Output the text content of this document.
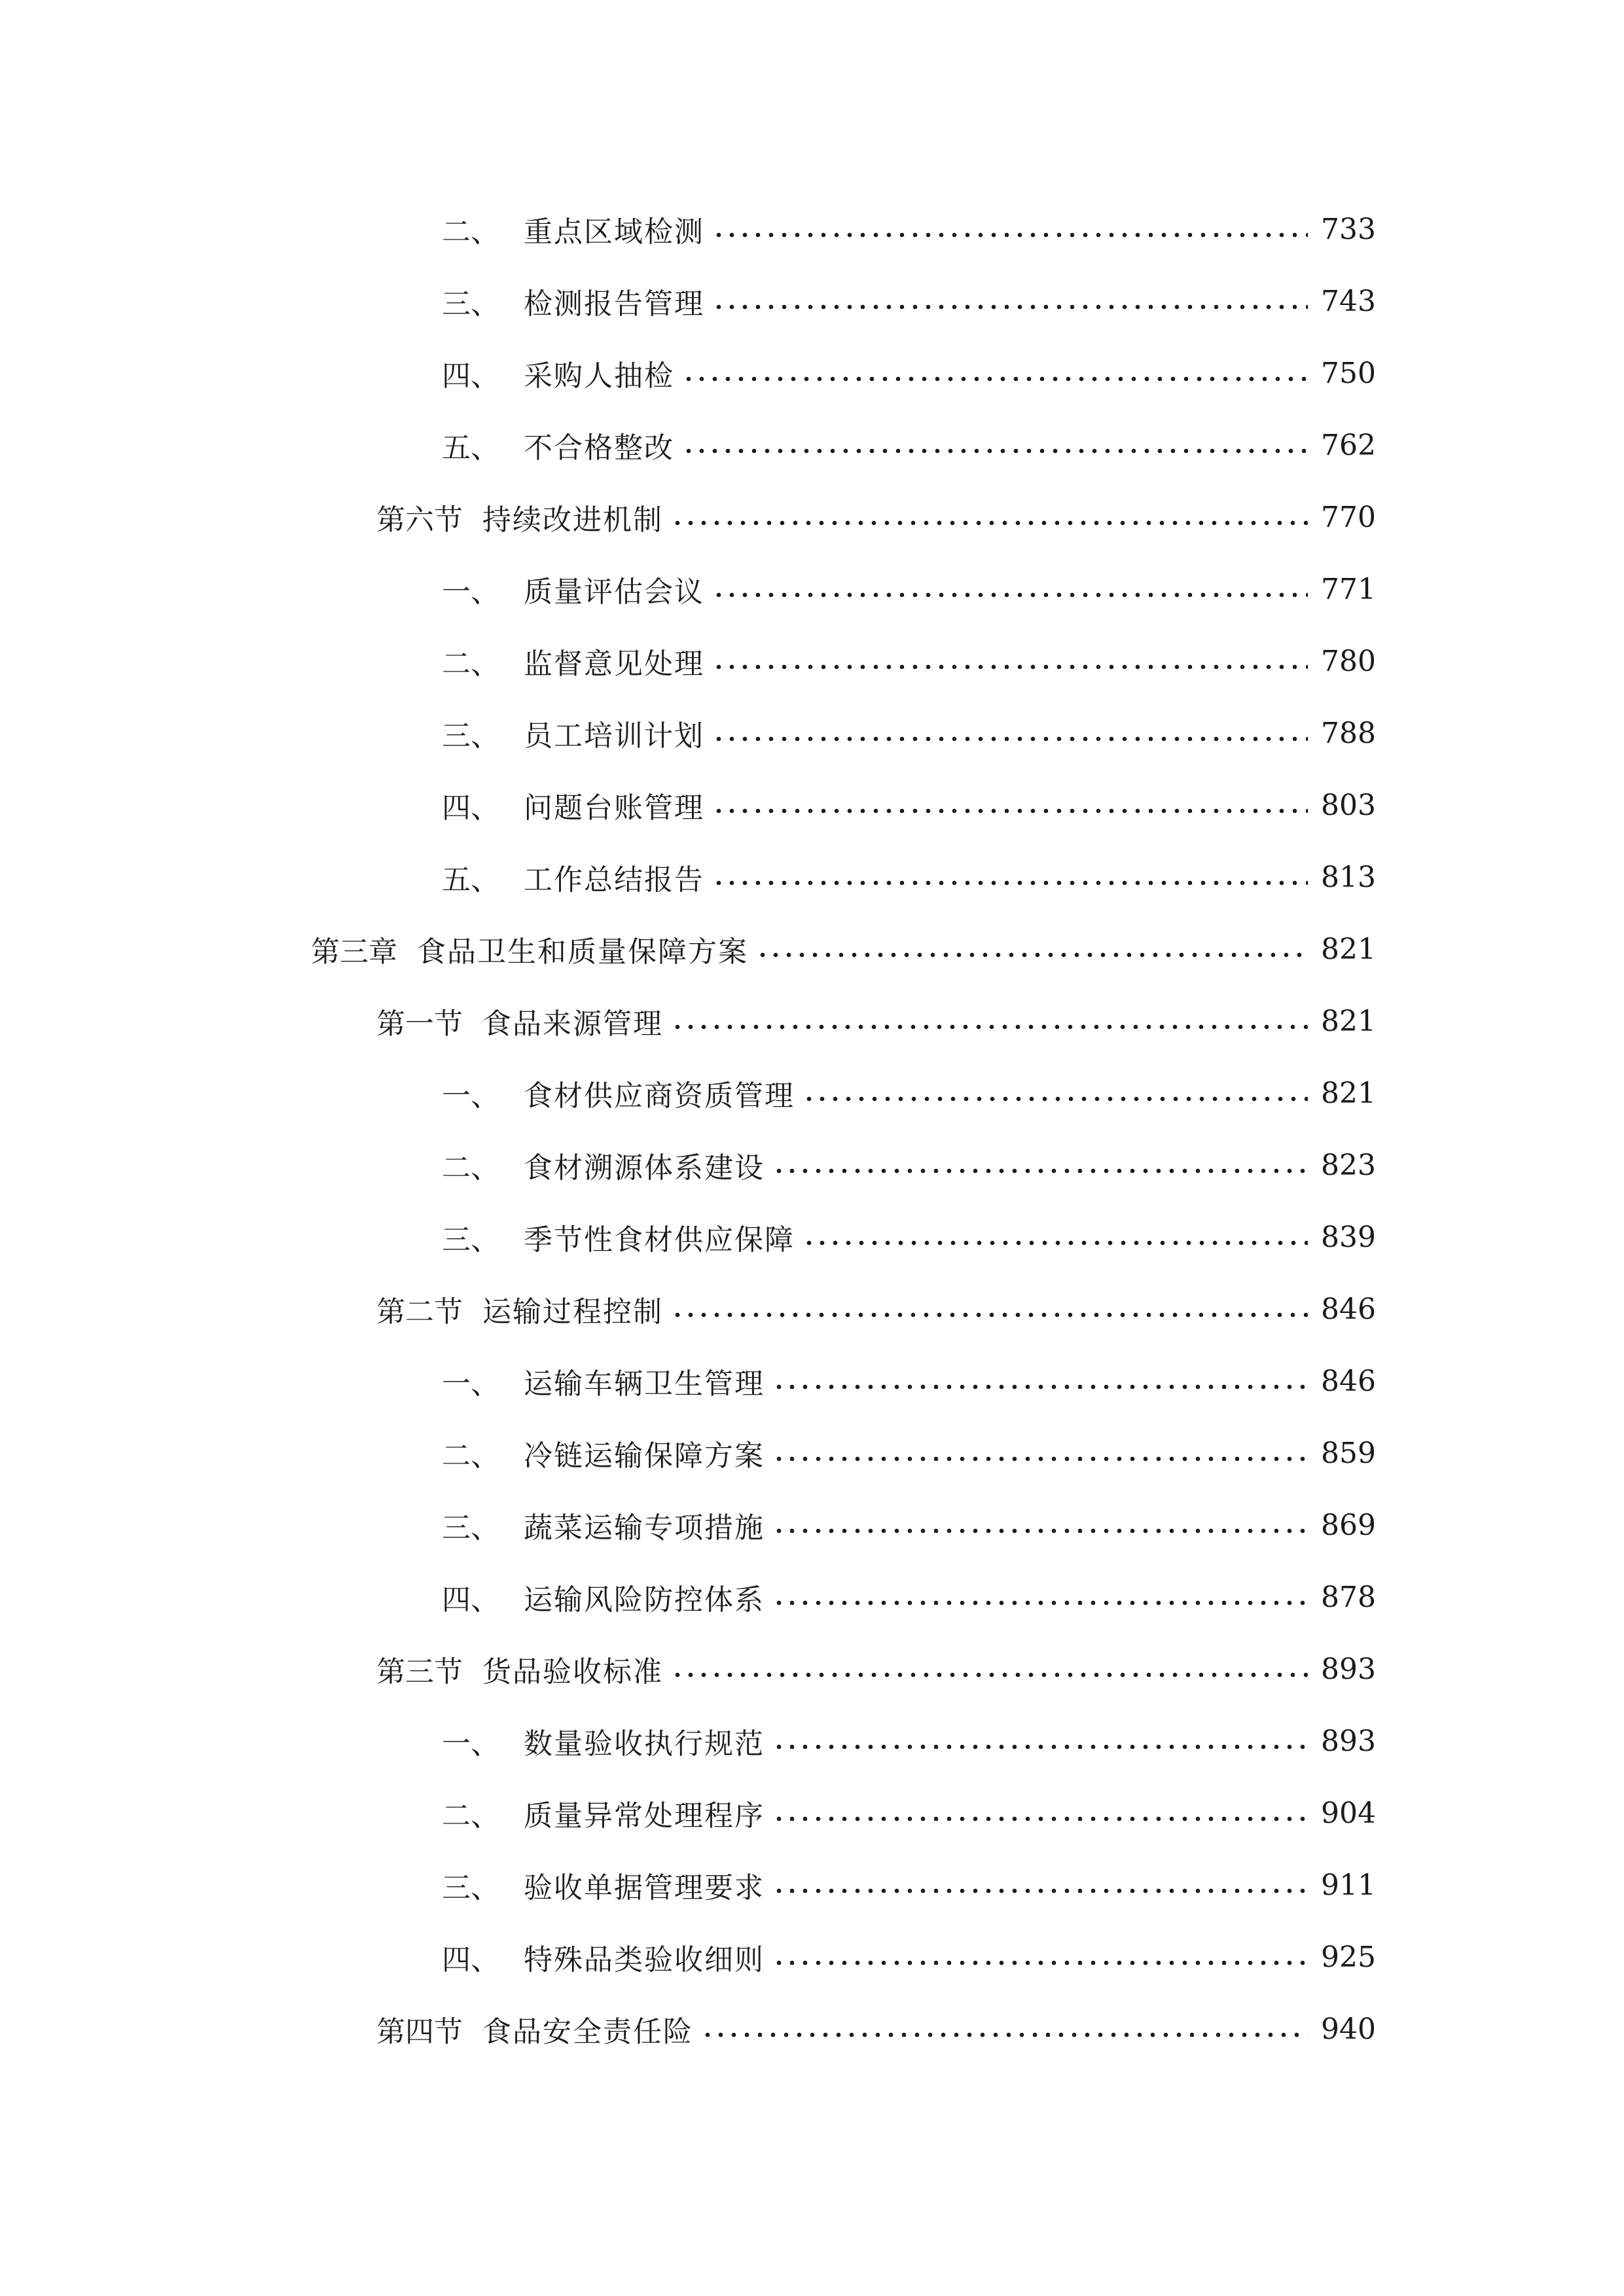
二、 重点区域检测	733
三、 检测报告管理	743
四、 采购人抽检	750
五、 不合格整改	762
第六节 持续改进机制	770
一、 质量评估会议	771
二、 监督意见处理	780
三、 员工培训计划	788
四、 问题台账管理	803
五、 工作总结报告	813
第三章 食品卫生和质量保障方案	821
第一节 食品来源管理	821
一、 食材供应商资质管理	821
二、 食材溯源体系建设	823
三、 季节性食材供应保障	839
第二节 运输过程控制	846
一、 运输车辆卫生管理	846
二、 冷链运输保障方案	859
三、 蔬菜运输专项措施	869
四、 运输风险防控体系	878
第三节 货品验收标准	893
一、 数量验收执行规范	893
二、 质量异常处理程序	904
三、 验收单据管理要求	911
四、 特殊品类验收细则	925
第四节 食品安全责任险	940
